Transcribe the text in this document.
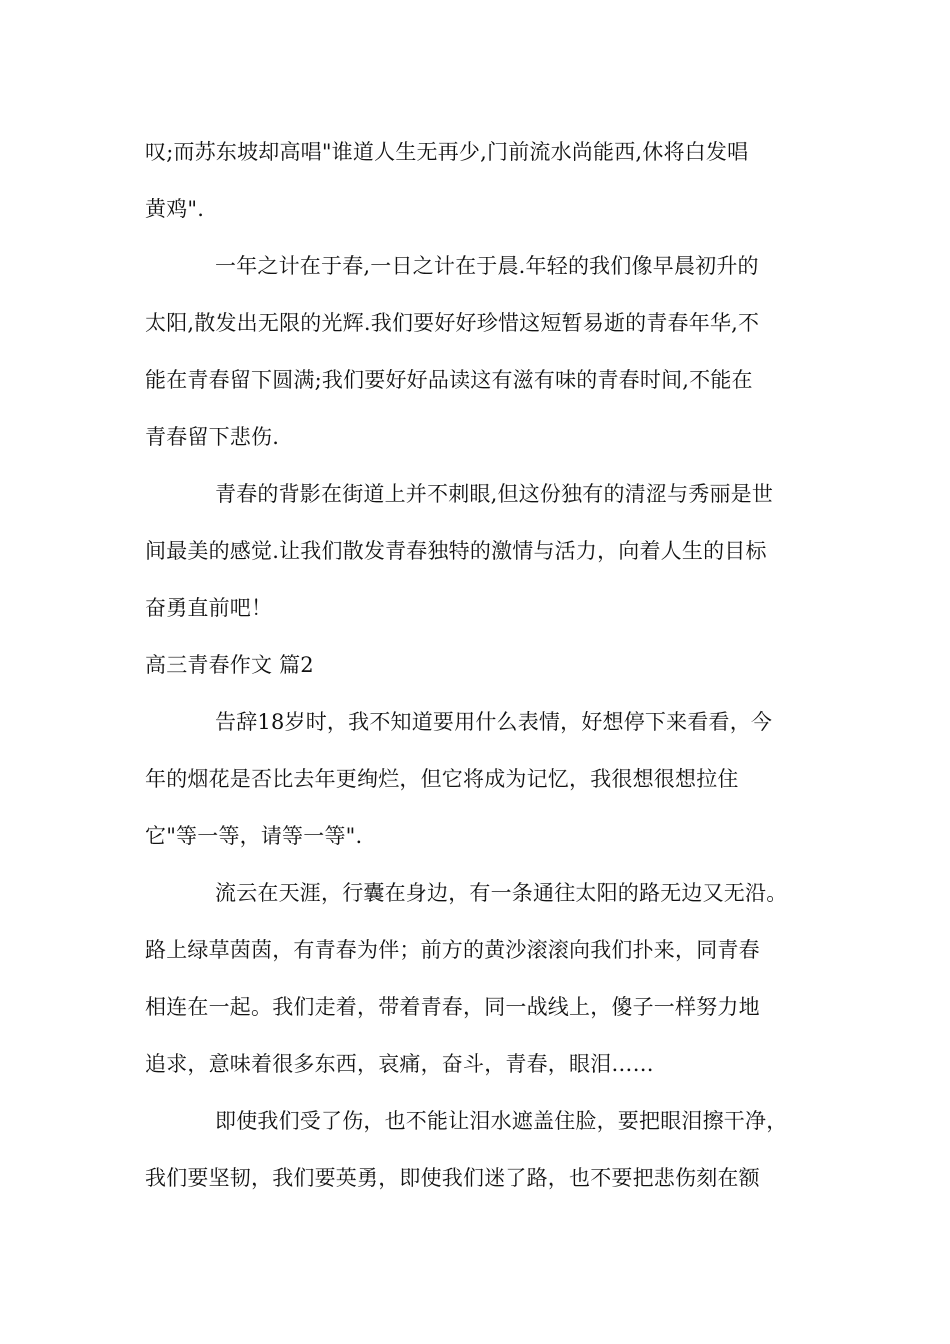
叹;而苏东坡却高唱"谁道人生无再少,门前流水尚能西,休将白发唱
黄鸡".
一年之计在于春,一日之计在于晨.年轻的我们像早晨初升的
太阳,散发出无限的光辉.我们要好好珍惜这短暂易逝的青春年华,不
能在青春留下圆满;我们要好好品读这有滋有味的青春时间,不能在
青春留下悲伤.
青春的背影在街道上并不刺眼,但这份独有的清涩与秀丽是世
间最美的感觉.让我们散发青春独特的激情与活力，向着人生的目标
奋勇直前吧！
高三青春作文 篇2
告辞18岁时，我不知道要用什么表情，好想停下来看看，今
年的烟花是否比去年更绚烂，但它将成为记忆，我很想很想拉住
它"等一等，请等一等".
流云在天涯，行囊在身边，有一条通往太阳的路无边又无沿。
路上绿草茵茵，有青春为伴；前方的黄沙滚滚向我们扑来，同青春
相连在一起。我们走着，带着青春，同一战线上，傻子一样努力地
追求，意味着很多东西，哀痛，奋斗，青春，眼泪……
即使我们受了伤，也不能让泪水遮盖住脸，要把眼泪擦干净，
我们要坚韧，我们要英勇，即使我们迷了路，也不要把悲伤刻在额
